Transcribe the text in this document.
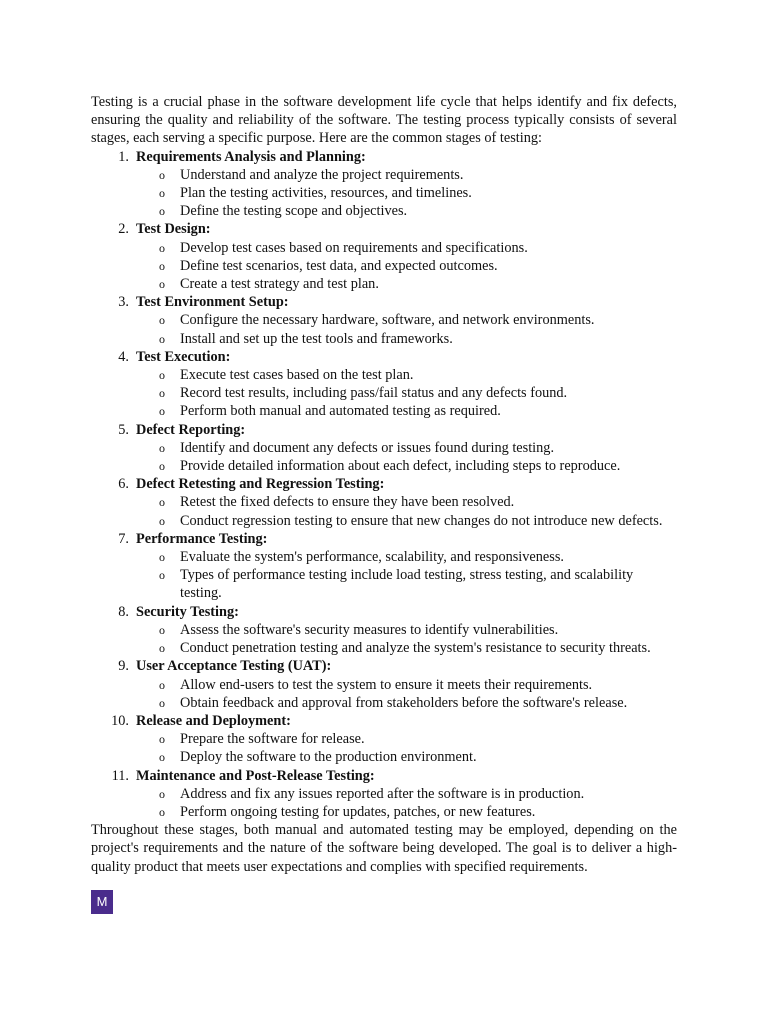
Testing is a crucial phase in the software development life cycle that helps identify and fix defects, ensuring the quality and reliability of the software. The testing process typically consists of several stages, each serving a specific purpose. Here are the common stages of testing:

1. Requirements Analysis and Planning:
o Understand and analyze the project requirements.
o Plan the testing activities, resources, and timelines.
o Define the testing scope and objectives.
2. Test Design:
o Develop test cases based on requirements and specifications.
o Define test scenarios, test data, and expected outcomes.
o Create a test strategy and test plan.
3. Test Environment Setup:
o Configure the necessary hardware, software, and network environments.
o Install and set up the test tools and frameworks.
4. Test Execution:
o Execute test cases based on the test plan.
o Record test results, including pass/fail status and any defects found.
o Perform both manual and automated testing as required.
5. Defect Reporting:
o Identify and document any defects or issues found during testing.
o Provide detailed information about each defect, including steps to reproduce.
6. Defect Retesting and Regression Testing:
o Retest the fixed defects to ensure they have been resolved.
o Conduct regression testing to ensure that new changes do not introduce new defects.
7. Performance Testing:
o Evaluate the system's performance, scalability, and responsiveness.
o Types of performance testing include load testing, stress testing, and scalability testing.
8. Security Testing:
o Assess the software's security measures to identify vulnerabilities.
o Conduct penetration testing and analyze the system's resistance to security threats.
9. User Acceptance Testing (UAT):
o Allow end-users to test the system to ensure it meets their requirements.
o Obtain feedback and approval from stakeholders before the software's release.
10. Release and Deployment:
o Prepare the software for release.
o Deploy the software to the production environment.
11. Maintenance and Post-Release Testing:
o Address and fix any issues reported after the software is in production.
o Perform ongoing testing for updates, patches, or new features.

Throughout these stages, both manual and automated testing may be employed, depending on the project's requirements and the nature of the software being developed. The goal is to deliver a high-quality product that meets user expectations and complies with specified requirements.

M
